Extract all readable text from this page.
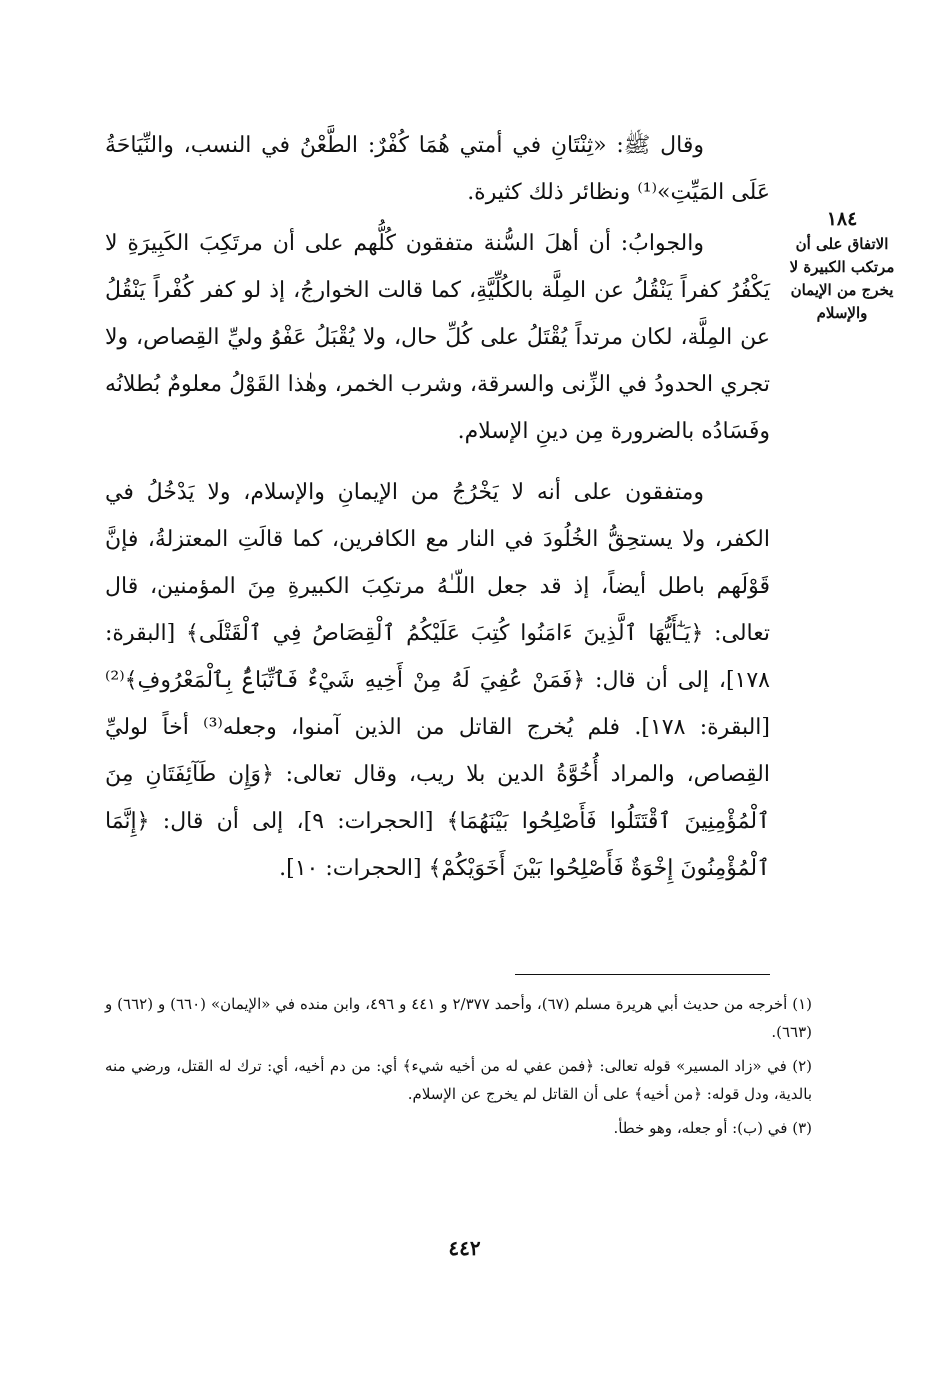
وقال ﷺ: «ثِنْتَانِ في أمتي هُمَا كُفْرٌ: الطَّعْنُ في النسب، والنِّيَاحَةُ عَلَى المَيِّتِ»⁽¹⁾ ونظائر ذلك كثيرة.

والجوابُ: أن أهلَ السُّنة متفقون كُلُّهم على أن مرتَكِبَ الكَبِيرَةِ لا يَكْفُرُ كفراً يَنْقُلُ عن المِلَّة بالكُلِّيَّةِ، كما قالت الخوارجُ، إذ لو كفر كُفْراً يَنْقُلُ عن المِلَّة، لكان مرتداً يُقْتَلُ على كُلِّ حال، ولا يُقْبَلُ عَفْوُ وليِّ القِصاص، ولا تجري الحدودُ في الزِّنى والسرقة، وشرب الخمر، وهٰذا القَوْلُ معلومٌ بُطلانُه وفَسَادُه بالضرورة مِن دينِ الإسلام.

ومتفقون على أنه لا يَخْرُجُ من الإيمانِ والإسلام، ولا يَدْخُلُ في الكفر، ولا يستحِقُّ الخُلُودَ في النار مع الكافرين، كما قالَتِ المعتزلةُ، فإنَّ قَوْلَهم باطل أيضاً، إذ قد جعل اللّـٰهُ مرتكِبَ الكبيرةِ مِنَ المؤمنين، قال تعالى: ﴿يَـٰٓأَيُّهَا ٱلَّذِينَ ءَامَنُوا كُتِبَ عَلَيْكُمُ ٱلْقِصَاصُ فِي ٱلْقَتْلَى﴾ [البقرة: ١٧٨]، إلى أن قال: ﴿فَمَنْ عُفِيَ لَهُ مِنْ أَخِيهِ شَيْءٌ فَٱتِّبَاعٌۢ بِٱلْمَعْرُوفِ﴾⁽²⁾ [البقرة: ١٧٨]. فلم يُخرج القاتل من الذين آمنوا، وجعله⁽³⁾ أخاً لوليِّ القِصاص، والمراد أُخُوَّةُ الدين بلا ريب، وقال تعالى: ﴿وَإِن طَآئِفَتَانِ مِنَ ٱلْمُؤْمِنِينَ ٱقْتَتَلُوا فَأَصْلِحُوا بَيْنَهُمَا﴾ [الحجرات: ٩]، إلى أن قال: ﴿إِنَّمَا ٱلْمُؤْمِنُونَ إِخْوَةٌ فَأَصْلِحُوا بَيْنَ أَخَوَيْكُمْ﴾ [الحجرات: ١٠].

١٨٤
الاتفاق على أن مرتكب الكبيرة لا يخرج من الإيمان والإسلام

(١) أخرجه من حديث أبي هريرة مسلم (٦٧)، وأحمد ٢/٣٧٧ و ٤٤١ و ٤٩٦، وابن منده في «الإيمان» (٦٦٠) و (٦٦٢) و (٦٦٣).

(٢) في «زاد المسير» قوله تعالى: ﴿فمن عفي له من أخيه شيء﴾ أي: من دم أخيه، أي: ترك له القتل، ورضي منه بالدية، ودل قوله: ﴿من أخيه﴾ على أن القاتل لم يخرج عن الإسلام.

(٣) في (ب): أو جعله، وهو خطأ.

٤٤٢
